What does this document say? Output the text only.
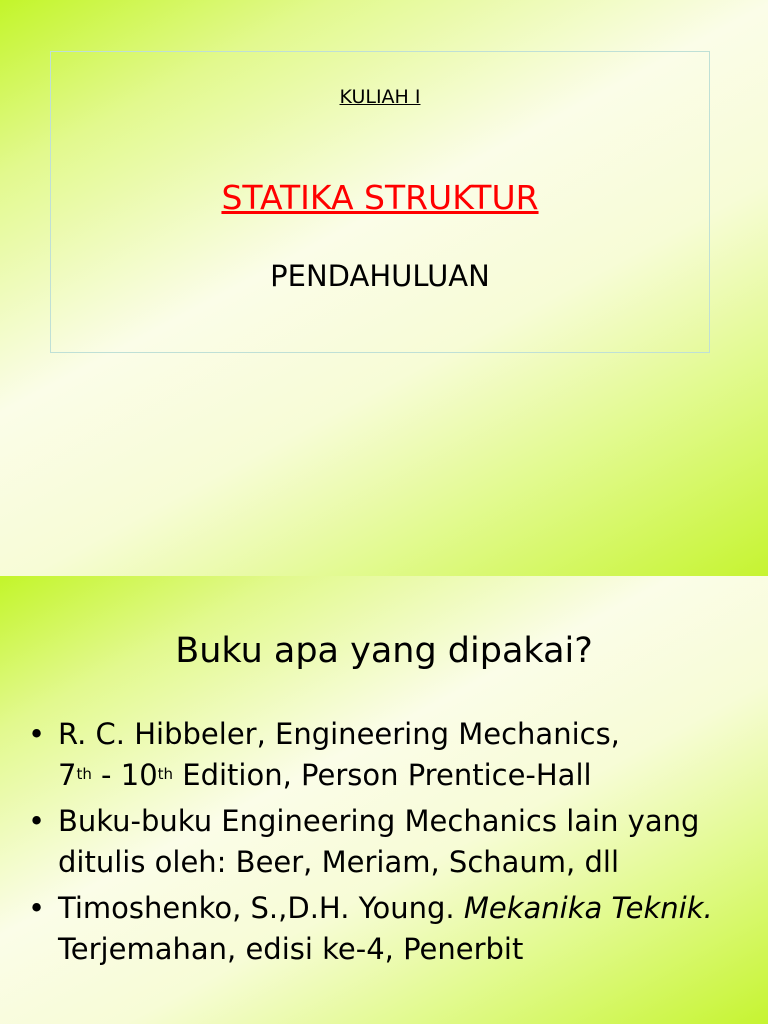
KULIAH I
STATIKA STRUKTUR
PENDAHULUAN
Buku apa yang dipakai?
• R. C. Hibbeler, Engineering Mechanics,
7th - 10th Edition, Person Prentice-Hall
• Buku-buku Engineering Mechanics lain yang ditulis oleh: Beer, Meriam, Schaum, dll
• Timoshenko, S.,D.H. Young. Mekanika Teknik. Terjemahan, edisi ke-4, Penerbit
